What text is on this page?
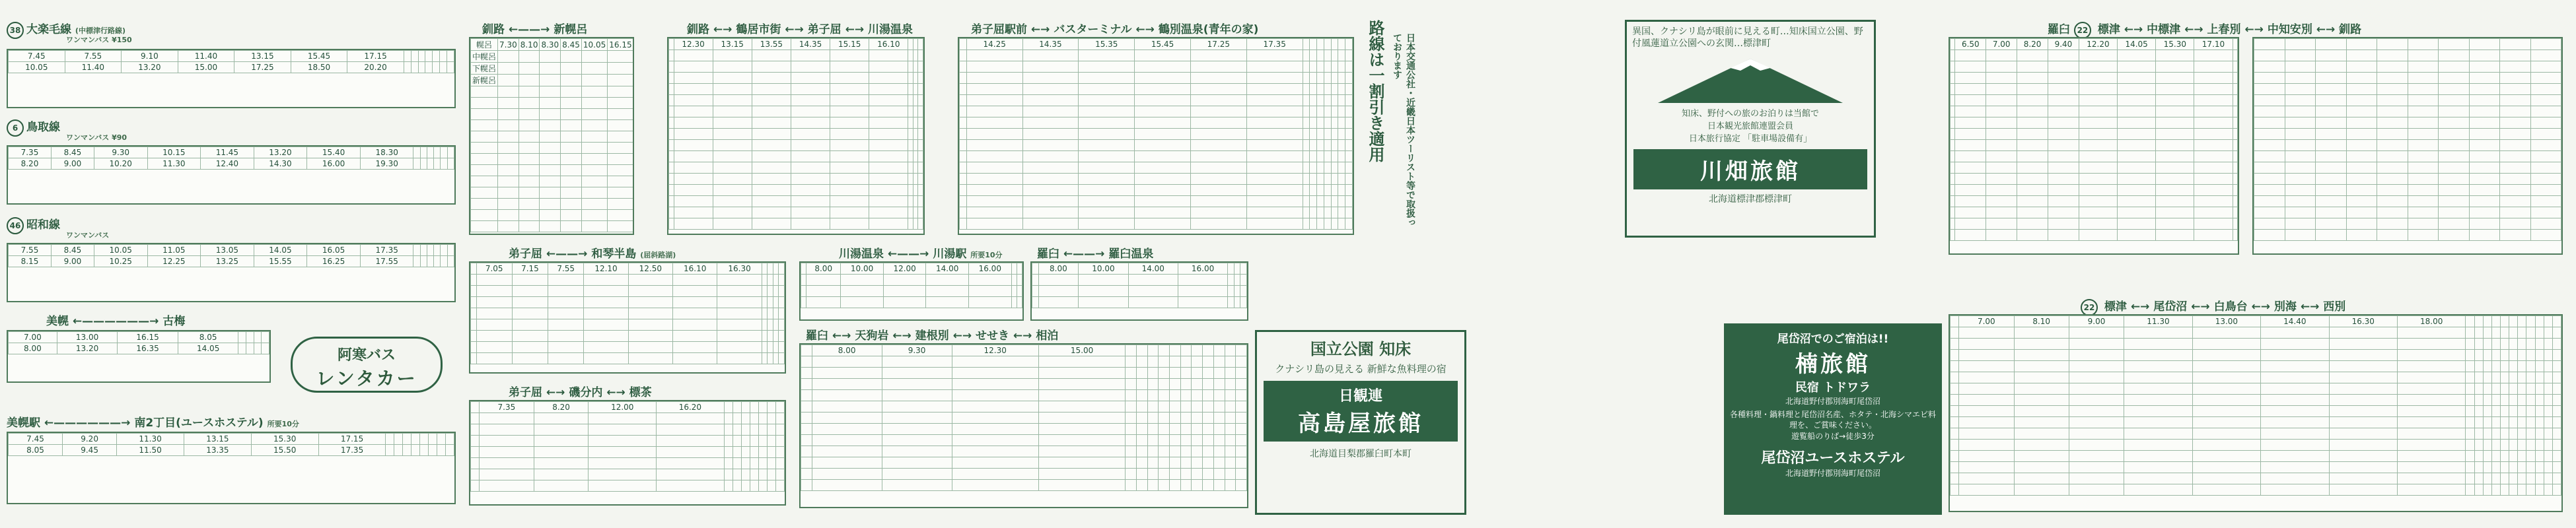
38 大楽毛線 (中標津行路線)
ワンマンバス ¥150
7.45	7.55	9.10	11.40	13.15	15.45	17.15							
10.05	11.40	13.20	15.00	17.25	18.50	20.20							
6 鳥取線
ワンマンバス ¥90
7.35	8.45	9.30	10.15	11.45	13.20	15.40	18.30						
8.20	9.00	10.20	11.30	12.40	14.30	16.00	19.30						
46 昭和線
ワンマンバス
7.55	8.45	10.05	11.05	13.05	14.05	16.05	17.35						
8.15	9.00	10.25	12.25	13.25	15.55	16.25	17.55						
美幌 ←——————→ 古梅
7.00	13.00	16.15	8.05				
8.00	13.20	16.35	14.05					阿寒バス
レンタカー
美幌駅 ←——————→ 南2丁目(ユースホステル) 所要10分
7.45	9.20	11.30	13.15	15.30	17.15								
8.05	9.45	11.50	13.35	15.50	17.35								
釧路 ←——→ 新幌呂
幌呂	7.30	8.10	8.30	8.45	10.05	16.15
中幌呂						
下幌呂						
新幌呂						

釧路 ←→ 鶴居市街 ←→ 弟子屈 ←→ 川湯温泉
	12.30	13.15	13.55	14.35	15.15	16.10			

弟子屈駅前 ←→ バスターミナル ←→ 鶴別温泉(青年の家)
	14.25	14.35	15.35	15.45	17.25	17.35							

														路線は一割引き適用	日本交通公社・近畿日本ツーリスト等で取扱っております
弟子屈 ←——→ 和琴半島 (屈斜路湖)
	7.05	7.15	7.55	12.10	12.50	16.10	16.30				

川湯温泉 ←——→ 川湯駅 所要10分
	8.00	10.00	12.00	14.00	16.00		

羅臼 ←——→ 羅臼温泉
	8.00	10.00	14.00	16.00			

羅臼 ←→ 天狗岩 ←→ 建根別 ←→ せせき ←→ 相泊
	8.00	9.30	12.30	15.00											

弟子屈 ←→ 磯分内 ←→ 標茶
	7.35	8.20	12.00	16.20							

国立公園 知床
クナシリ島の見える 新鮮な魚料理の宿
日観連
高島屋旅館
北海道目梨郡羅臼町本町
異国、クナシリ島が眼前に見える町…知床国立公園、野付風蓮道立公園への玄関…標津町
知床、野付への旅のお泊りは当館で
日本観光旅館連盟会員
日本旅行協定 「駐車場設備有」
川畑旅館
北海道標津郡標津町
尾岱沼でのご宿泊は!!
楠旅館
民宿 トドワラ
北海道野付郡別海町尾岱沼
各種料理・鍋料理と尾岱沼名産、ホタテ・北海シマエビ料理を、ご賞味ください。
遊覧船のりば→徒歩3分
尾岱沼ユースホステル
北海道野付郡別海町尾岱沼
羅臼 22 標津 ←→ 中標津 ←→ 上春別 ←→ 中知安別 ←→ 釧路
	6.50	7.00	8.20	9.40	12.20	14.05	15.30	17.10	

22 標津 ←→ 尾岱沼 ←→ 白鳥台 ←→ 別海 ←→ 西別
	7.00	8.10	9.00	11.30	13.00	14.40	16.30	18.00											
